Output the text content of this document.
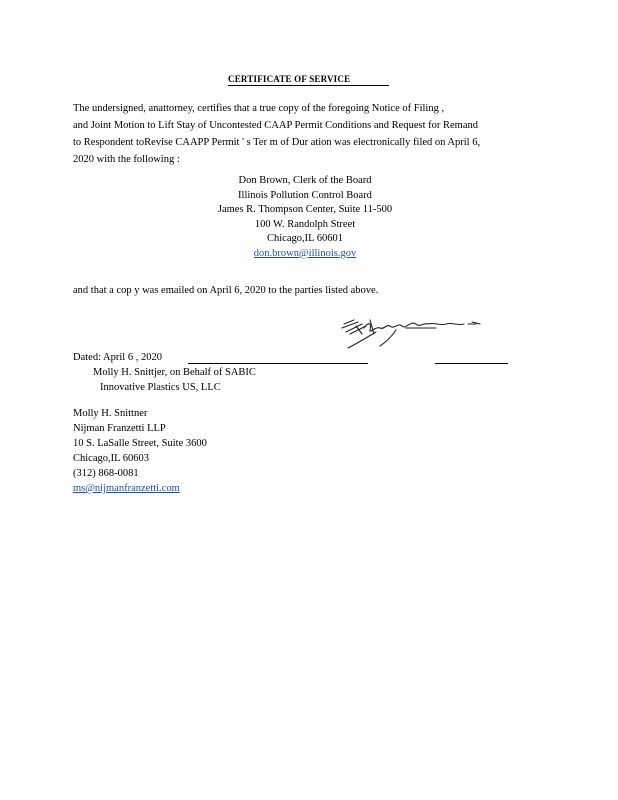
CERTIFICATE OF SERVICE
The undersigned, anattorney, certifies that a true copy of the foregoing Notice of Filing ,
and Joint Motion to Lift Stay of Uncontested CAAP Permit Conditions and Request for Remand
to Respondent toRevise CAAPP Permit ' s Ter m of Dur ation was electronically filed on April 6,
2020 with the following :
Don Brown, Clerk of the Board
Illinois Pollution Control Board
James R. Thompson Center, Suite 11-500
100 W. Randolph Street
Chicago,IL 60601
don.brown@illinois.gov
and that a cop y was emailed on April 6, 2020 to the parties listed above.
Dated: April 6 , 2020
Molly H. Snittjer, on Behalf of SABIC
Innovative Plastics US, LLC
Molly H. Snittner
Nijman Franzetti LLP
10 S. LaSalle Street, Suite 3600
Chicago,IL 60603
(312) 868-0081
ms@nijmanfranzetti.com
